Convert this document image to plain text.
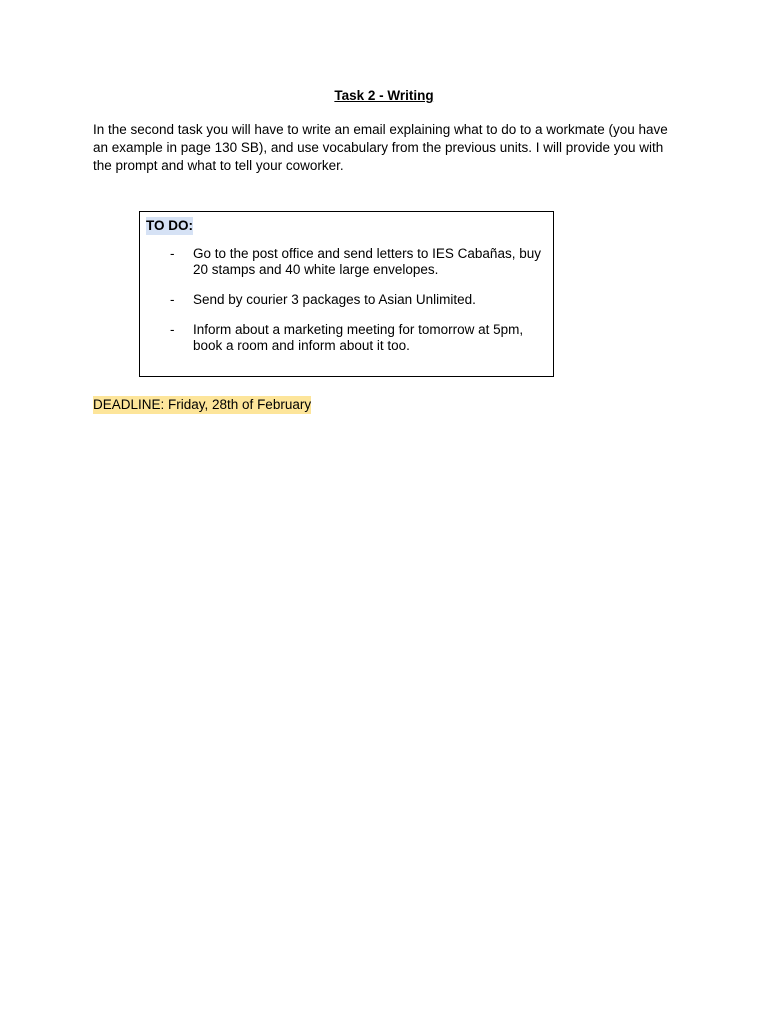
Task 2 - Writing
In the second task you will have to write an email explaining what to do to a workmate (you have an example in page 130 SB), and use vocabulary from the previous units. I will provide you with the prompt and what to tell your coworker.
TO DO:
- Go to the post office and send letters to IES Cabañas, buy 20 stamps and 40 white large envelopes.
- Send by courier 3 packages to Asian Unlimited.
- Inform about a marketing meeting for tomorrow at 5pm, book a room and inform about it too.
DEADLINE: Friday, 28th of February
